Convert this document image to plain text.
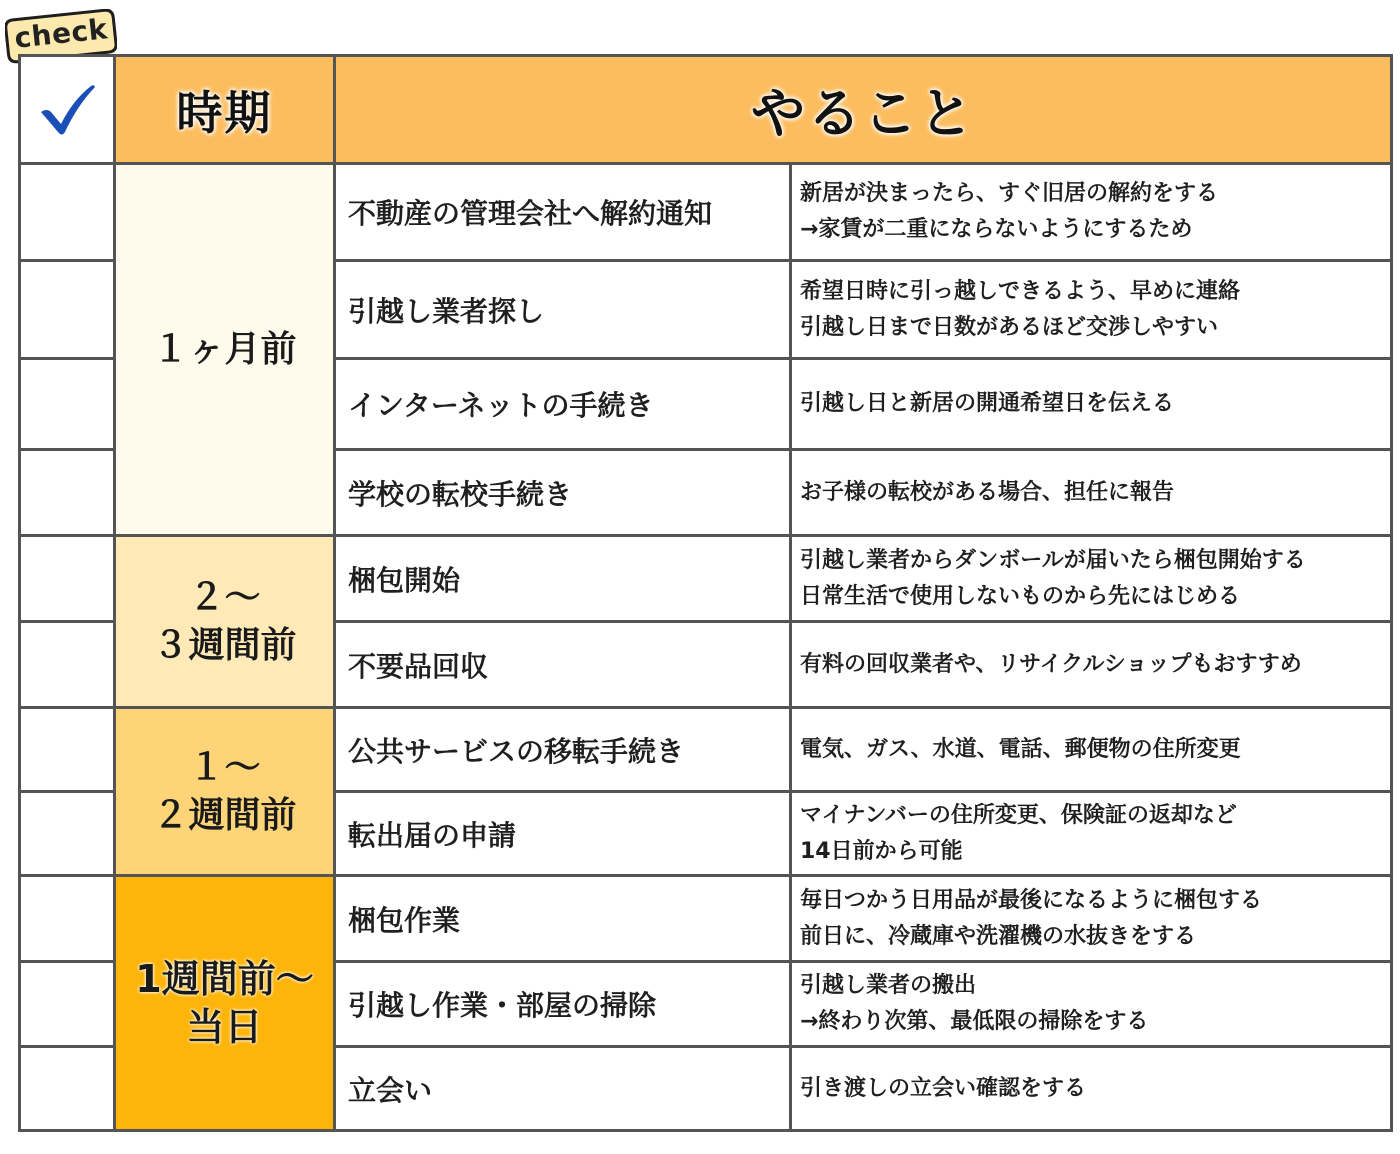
check
	時期	やること	
	１ヶ月前	不動産の管理会社へ解約通知	新居が決まったら、すぐ旧居の解約をする
→家賃が二重にならないようにするため

		引越し業者探し	希望日時に引っ越しできるよう、早めに連絡
引越し日まで日数があるほど交渉しやすい

		インターネットの手続き	引越し日と新居の開通希望日を伝える

		学校の転校手続き	お子様の転校がある場合、担任に報告

	２～
３週間前	梱包開始	引越し業者からダンボールが届いたら梱包開始する
日常生活で使用しないものから先にはじめる

		不要品回収	有料の回収業者や、リサイクルショップもおすすめ

	１～
２週間前	公共サービスの移転手続き	電気、ガス、水道、電話、郵便物の住所変更

		転出届の申請	マイナンバーの住所変更、保険証の返却など
14日前から可能

	1週間前～
当日	梱包作業	毎日つかう日用品が最後になるように梱包する
前日に、冷蔵庫や洗濯機の水抜きをする

		引越し作業・部屋の掃除	引越し業者の搬出
→終わり次第、最低限の掃除をする

		立会い	引き渡しの立会い確認をする
